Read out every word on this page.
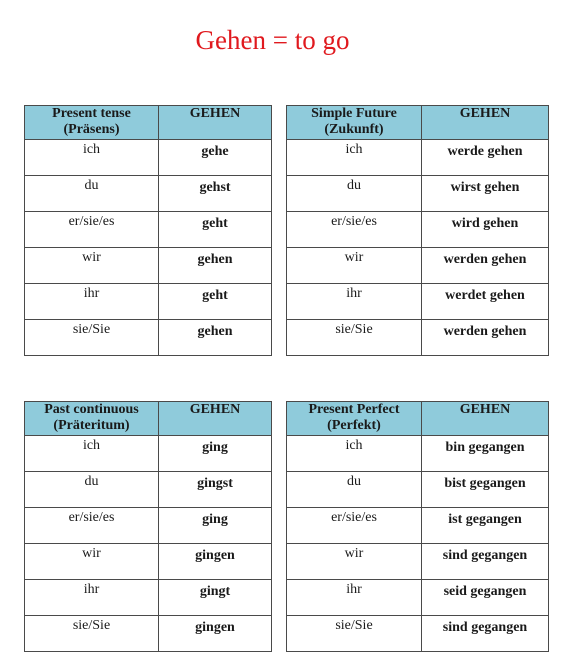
Gehen = to go
Present tense
(Präsens)	GEHEN
ich	gehe
du	gehst
er/sie/es	geht
wir	gehen
ihr	geht
sie/Sie	gehen
Simple Future
(Zukunft)	GEHEN
ich	werde gehen
du	wirst gehen
er/sie/es	wird gehen
wir	werden gehen
ihr	werdet gehen
sie/Sie	werden gehen
Past continuous
(Präteritum)	GEHEN
ich	ging
du	gingst
er/sie/es	ging
wir	gingen
ihr	gingt
sie/Sie	gingen
Present Perfect
(Perfekt)	GEHEN
ich	bin gegangen
du	bist gegangen
er/sie/es	ist gegangen
wir	sind gegangen
ihr	seid gegangen
sie/Sie	sind gegangen
